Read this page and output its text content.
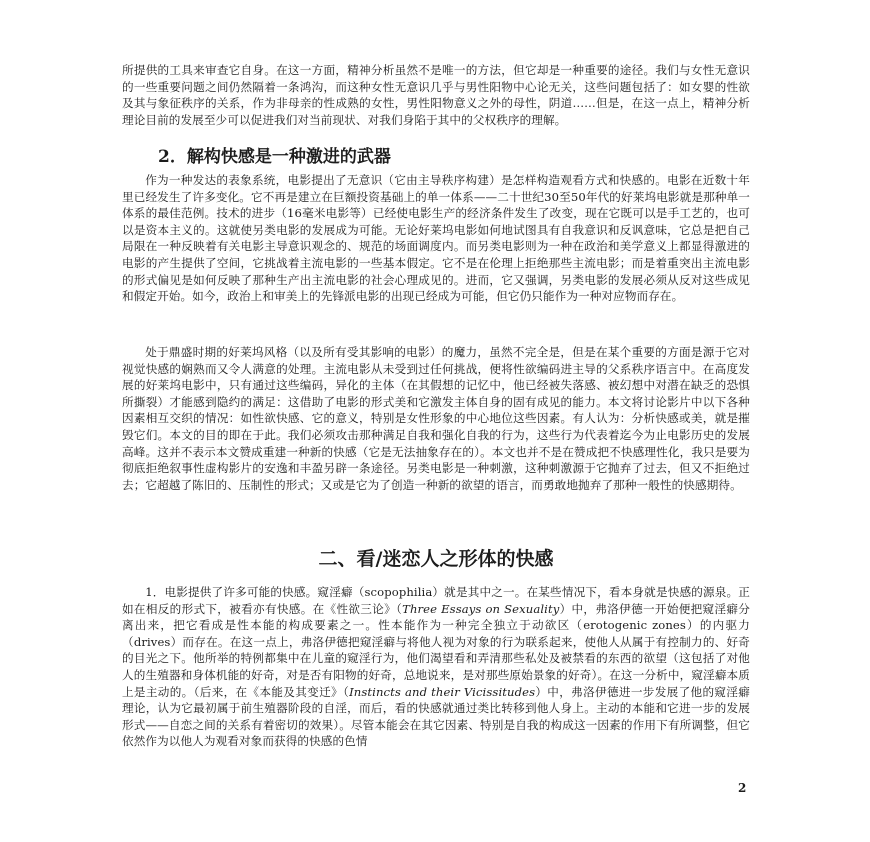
所提供的工具来审查它自身。在这一方面，精神分析虽然不是唯一的方法，但它却是一种重要的途径。我们与女性无意识的一些重要问题之间仍然隔着一条鸿沟，而这种女性无意识几乎与男性阳物中心论无关，这些问题包括了：如女婴的性欲及其与象征秩序的关系，作为非母亲的性成熟的女性，男性阳物意义之外的母性，阴道……但是，在这一点上，精神分析理论目前的发展至少可以促进我们对当前现状、对我们身陷于其中的父权秩序的理解。

2．解构快感是一种激进的武器

作为一种发达的表象系统，电影提出了无意识（它由主导秩序构建）是怎样构造观看方式和快感的。电影在近数十年里已经发生了许多变化。它不再是建立在巨额投资基础上的单一体系——二十世纪30至50年代的好莱坞电影就是那种单一体系的最佳范例。技术的进步（16毫米电影等）已经使电影生产的经济条件发生了改变，现在它既可以是手工艺的，也可以是资本主义的。这就使另类电影的发展成为可能。无论好莱坞电影如何地试图具有自我意识和反讽意味，它总是把自己局限在一种反映着有关电影主导意识观念的、规范的场面调度内。而另类电影则为一种在政治和美学意义上都显得激进的电影的产生提供了空间，它挑战着主流电影的一些基本假定。它不是在伦理上拒绝那些主流电影；而是着重突出主流电影的形式偏见是如何反映了那种生产出主流电影的社会心理成见的。进而，它又强调，另类电影的发展必须从反对这些成见和假定开始。如今，政治上和审美上的先锋派电影的出现已经成为可能，但它仍只能作为一种对应物而存在。

处于鼎盛时期的好莱坞风格（以及所有受其影响的电影）的魔力，虽然不完全是，但是在某个重要的方面是源于它对视觉快感的娴熟而又令人满意的处理。主流电影从未受到过任何挑战，便将性欲编码进主导的父系秩序语言中。在高度发展的好莱坞电影中，只有通过这些编码，异化的主体（在其假想的记忆中，他已经被失落感、被幻想中对潜在缺乏的恐惧所撕裂）才能感到隐约的满足：这借助了电影的形式美和它激发主体自身的固有成见的能力。本文将讨论影片中以下各种因素相互交织的情况：如性欲快感、它的意义，特别是女性形象的中心地位这些因素。有人认为：分析快感或美，就是摧毁它们。本文的目的即在于此。我们必须攻击那种满足自我和强化自我的行为，这些行为代表着迄今为止电影历史的发展高峰。这并不表示本文赞成重建一种新的快感（它是无法抽象存在的）。本文也并不是在赞成把不快感理性化，我只是要为彻底拒绝叙事性虚构影片的安逸和丰盈另辟一条途径。另类电影是一种刺激，这种刺激源于它抛弃了过去，但又不拒绝过去；它超越了陈旧的、压制性的形式；又或是它为了创造一种新的欲望的语言，而勇敢地抛弃了那种一般性的快感期待。

二、看/迷恋人之形体的快感

1．电影提供了许多可能的快感。窥淫癖（scopophilia）就是其中之一。在某些情况下，看本身就是快感的源泉。正如在相反的形式下，被看亦有快感。在《性欲三论》（Three Essays on Sexuality）中，弗洛伊德一开始便把窥淫癖分离出来，把它看成是性本能的构成要素之一。性本能作为一种完全独立于动欲区（erotogenic zones）的内驱力（drives）而存在。在这一点上，弗洛伊德把窥淫癖与将他人视为对象的行为联系起来，使他人从属于有控制力的、好奇的目光之下。他所举的特例都集中在儿童的窥淫行为，他们渴望看和弄清那些私处及被禁看的东西的欲望（这包括了对他人的生殖器和身体机能的好奇，对是否有阳物的好奇，总地说来，是对那些原始景象的好奇）。在这一分析中，窥淫癖本质上是主动的。（后来，在《本能及其变迁》（Instincts and their Vicissitudes）中，弗洛伊德进一步发展了他的窥淫癖理论，认为它最初属于前生殖器阶段的自淫，而后，看的快感就通过类比转移到他人身上。主动的本能和它进一步的发展形式——自恋之间的关系有着密切的效果）。尽管本能会在其它因素、特别是自我的构成这一因素的作用下有所调整，但它依然作为以他人为观看对象而获得的快感的色情

2
